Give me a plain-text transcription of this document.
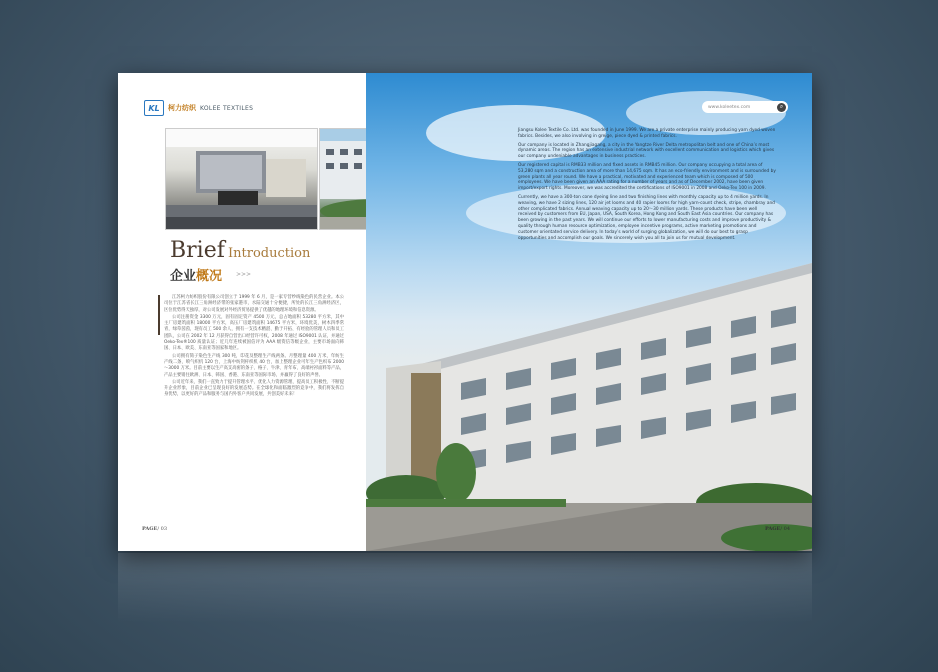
KL	柯力纺织 KOLEE TEXTILES
Brief Introduction
企业概况 >>>

江苏柯力纺织股份有限公司创立于 1999 年 6 月，是一家专营纱线染色的民营企业。本公司位于江苏省长江三角洲经济带的张家港市，水陆交通十分便捷，所处的长江三角洲经济区，区位优势得天独厚，对公司发展对外经济贸易提供了优越的地理环境和信息资源。

公司注册资金 3300 万元，固有固定资产 4500 万元，总占地面积 53280 平方米，其中主厂房建筑面积 18000 平方米，高压厂房建筑面积 14675 平方米，环境优美，树木四季常青，绿草茵茵，现有员工 500 余人，拥有一支技术精湛、勤于开拓、有经验的管理人员和员工团队，公司在 2002 年 12 月获得自营出口经营许可权，2008 年通过 ISO9001 认证，并通过 Oeko-Tex®100 质量认证；近几年连续被国信评为 AAA 级资信等级企业，主要市场面向韩国、日本、欧美、东南亚等国家和地区。

公司拥有筒子染色生产线 300 吨，印花及整理生产线两条。月整理量 400 万米，年纺生产线二条，喷气织机 120 台，上海中纺剑杆织机 40 台，加上整理企业可年生产色织布 2000～3000 万米。目前主要以生产高支高密的条子、格子、牛津、青年布、高端衬衫面料等产品，产品主要销往欧洲、日本、韩国、香港、东南亚等国际市场，并赢得了良好的声誉。

公司近年来，我们一直致力于提升管理水平、优化人力资源管理、提高员工积极性、不断提升企业形象，目前企业已呈现良好的发展态势。在全球化和面临激烈的竞争中，我们将发挥自身优势，以更好的产品和服务与国内外客户共同发展，共创美好未来！

PAGE/ 03
www.koleetex.com	⌕

Jiangsu Kolee Textile Co. Ltd. was founded in June 1999. We are a private enterprise mainly producing yarn dyed woven fabrics. Besides, we also involving in greige, piece dyed & printed fabrics.

Our company is located in Zhangjiagang, a city in the Yangtze River Delta metropolitan belt and one of China’s most dynamic areas. The region has an extensive industrial network with excellent communication and logistics which gives our company undeniable advantages in business practices.

Our registered capital is RMB33 million and fixed assets in RMB45 million. Our company occupying a total area of 53,280 sqm and a construction area of more than 14,675 sqm. It has an eco-friendly environment and is surrounded by green plants all year round. We have a practical, motivated and experienced team which is composed of 500 employees. We have been given an AAA rating for a number of years and as of December 2002, have been given import/export rights. Moreover, we was accredited the certifications of ISO9001 in 2008 and Oeko-Tex 100 in 2009.

Currently, we have a 300-ton cone dyeing line and two finishing lines with monthly capacity up to 4 million yards. In weaving, we have 2 sizing lines, 120 air jet looms and 40 rapier looms for high yarn-count check, stripe, chambray and other complicated fabrics. Annual weaving capacity up to 20～30 million yards. These products have been well received by customers from EU, Japan, USA, South Korea, Hong Kong and South East Asia countries. Our company has been growing in the past years. We will continue our efforts to lower manufacturing costs and improve productivity & quality through human resource optimization, employee incentive programs, active marketing promotions and customer orientated service delivery. In today’s world of surging globalization, we will do our best to grasp opportunities and accomplish our goals. We sincerely wish you all to join us for mutual development.

PAGE/ 04
